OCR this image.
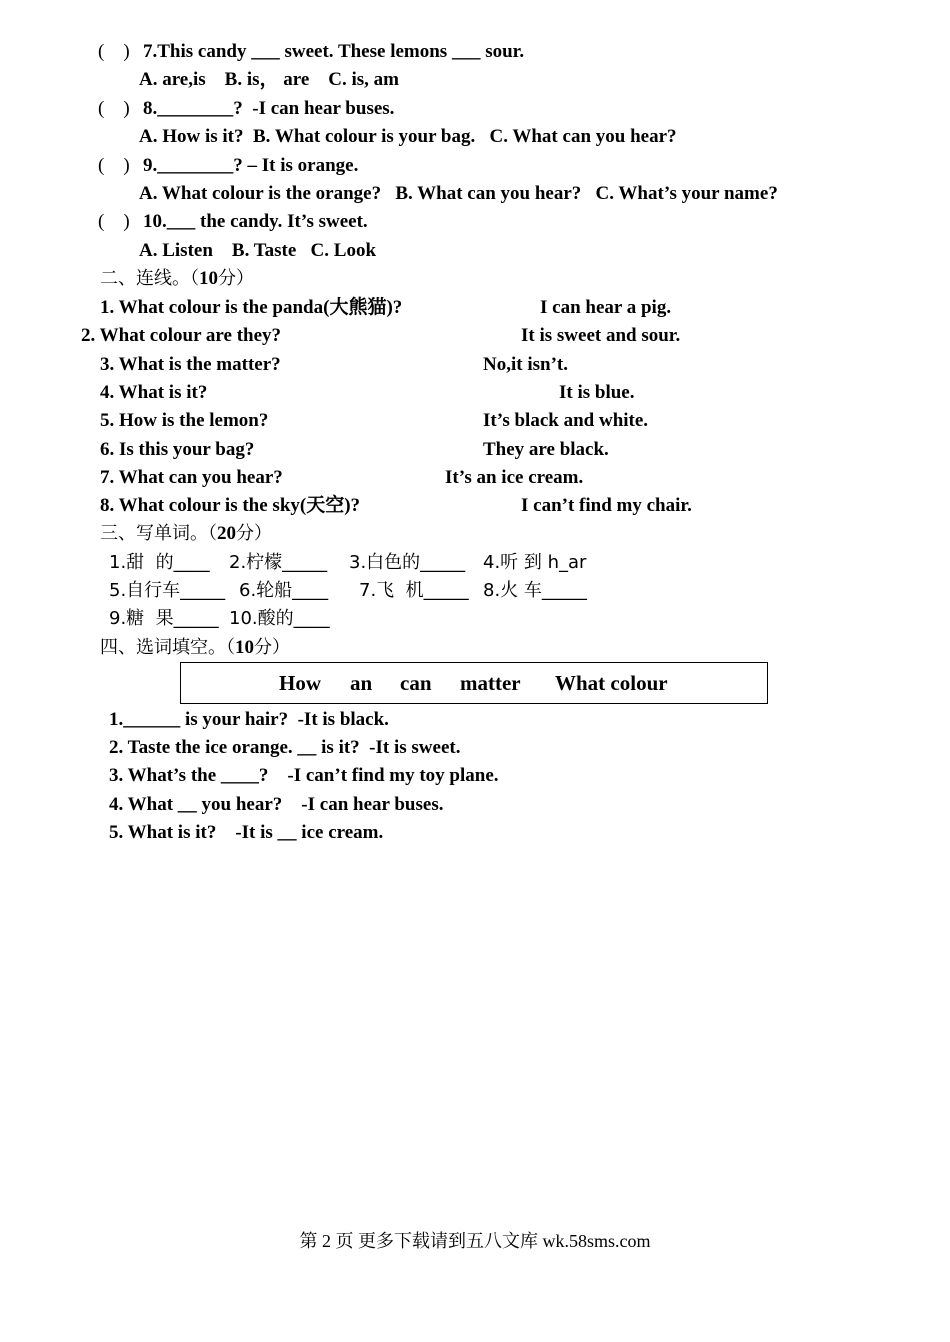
(　) 7.This candy ___ sweet. These lemons ___ sour.
A. are,is    B. is， are    C. is, am
(　) 8.________?  -I can hear buses.
A. How is it?  B. What colour is your bag.   C. What can you hear?
(　) 9.________? – It is orange.
A. What colour is the orange?   B. What can you hear?   C. What’s your name?
(　) 10.___ the candy. It’s sweet.
A. Listen    B. Taste   C. Look
二、连线。（10分）
1. What colour is the panda(大熊猫)?
2. What colour are they?
3. What is the matter?
4. What is it?
5. How is the lemon?
6. Is this your bag?
7. What can you hear?
8. What colour is the sky(天空)?
I can hear a pig.
It is sweet and sour.
No,it isn’t.
It is blue.
It’s black and white.
They are black.
It’s an ice cream.
I can’t find my chair.
三、写单词。（20分）
1.甜  的____ 2.柠檬_____ 3.白色的_____ 4.听 到 h_ar
5.自行车_____ 6.轮船____ 7.飞  机_____ 8.火 车_____
9.糖  果_____ 10.酸的____
四、选词填空。（10分）
How an can matter What colour
1.______ is your hair?  -It is black.
2. Taste the ice orange. __ is it?  -It is sweet.
3. What’s the ____?    -I can’t find my toy plane.
4. What __ you hear?    -I can hear buses.
5. What is it?    -It is __ ice cream.
第 2 页 更多下载请到五八文库 wk.58sms.com
